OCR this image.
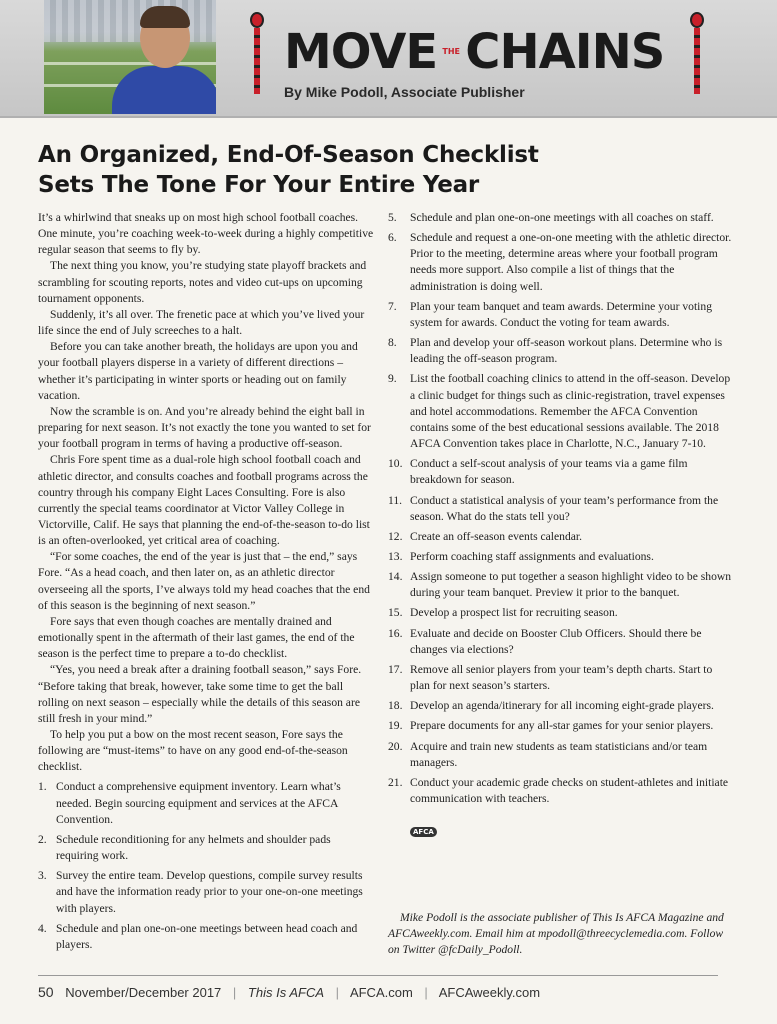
MOVE THE CHAINS
By Mike Podoll, Associate Publisher
An Organized, End-Of-Season Checklist
Sets The Tone For Your Entire Year

It’s a whirlwind that sneaks up on most high school football coaches. One minute, you’re coaching week-to-week during a highly competitive regular season that seems to fly by.

The next thing you know, you’re studying state playoff brackets and scrambling for scouting reports, notes and video cut-ups on upcoming tournament opponents.

Suddenly, it’s all over. The frenetic pace at which you’ve lived your life since the end of July screeches to a halt.

Before you can take another breath, the holidays are upon you and your football players disperse in a variety of different directions – whether it’s participating in winter sports or heading out on family vacation.

Now the scramble is on. And you’re already behind the eight ball in preparing for next season. It’s not exactly the tone you wanted to set for your football program in terms of having a productive off-season.

Chris Fore spent time as a dual-role high school football coach and athletic director, and consults coaches and football programs across the country through his company Eight Laces Consulting. Fore is also currently the special teams coordinator at Victor Valley College in Victorville, Calif. He says that planning the end-of-the-season to-do list is an often-overlooked, yet critical area of coaching.

“For some coaches, the end of the year is just that – the end,” says Fore. “As a head coach, and then later on, as an athletic director overseeing all the sports, I’ve always told my head coaches that the end of this season is the beginning of next season.”

Fore says that even though coaches are mentally drained and emotionally spent in the aftermath of their last games, the end of the season is the perfect time to prepare a to-do checklist.

“Yes, you need a break after a draining football season,” says Fore. “Before taking that break, however, take some time to get the ball rolling on next season – especially while the details of this season are still fresh in your mind.”

To help you put a bow on the most recent season, Fore says the following are “must-items” to have on any good end-of-the-season checklist.

1. Conduct a comprehensive equipment inventory. Learn what’s needed. Begin sourcing equipment and services at the AFCA Convention.
2. Schedule reconditioning for any helmets and shoulder pads requiring work.
3. Survey the entire team. Develop questions, compile survey results and have the information ready prior to your one-on-one meetings with players.
4. Schedule and plan one-on-one meetings between head coach and players.
5.	Schedule and plan one-on-one meetings with all coaches on staff.
6.	Schedule and request a one-on-one meeting with the athletic director. Prior to the meeting, determine areas where your football program needs more support. Also compile a list of things that the administration is doing well.
7.	Plan your team banquet and team awards. Determine your voting system for awards. Conduct the voting for team awards.
8.	Plan and develop your off-season workout plans. Determine who is leading the off-season program.
9.	List the football coaching clinics to attend in the off-season. Develop a clinic budget for things such as clinic-registration, travel expenses and hotel accommodations. Remember the AFCA Convention contains some of the best educational sessions available. The 2018 AFCA Convention takes place in Charlotte, N.C., January 7-10.
10. Conduct a self-scout analysis of your teams via a game film breakdown for season.
11. Conduct a statistical analysis of your team’s performance from the season. What do the stats tell you?
12. Create an off-season events calendar.
13. Perform coaching staff assignments and evaluations.
14. Assign someone to put together a season highlight video to be shown during your team banquet. Preview it prior to the banquet.
15. Develop a prospect list for recruiting season.
16. Evaluate and decide on Booster Club Officers. Should there be changes via elections?
17. Remove all senior players from your team’s depth charts. Start to plan for next season’s starters.
18. Develop an agenda/itinerary for all incoming eight-grade players.
19. Prepare documents for any all-star games for your senior players.
20. Acquire and train new students as team statisticians and/or team managers.
21. Conduct your academic grade checks on student-athletes and initiate communication with teachers.
AFCA

Mike Podoll is the associate publisher of This Is AFCA Magazine and AFCAweekly.com. Email him at mpodoll@threecyclemedia.com. Follow on Twitter @fcDaily_Podoll.

50 November/December 2017 | This Is AFCA | AFCA.com | AFCAweekly.com
